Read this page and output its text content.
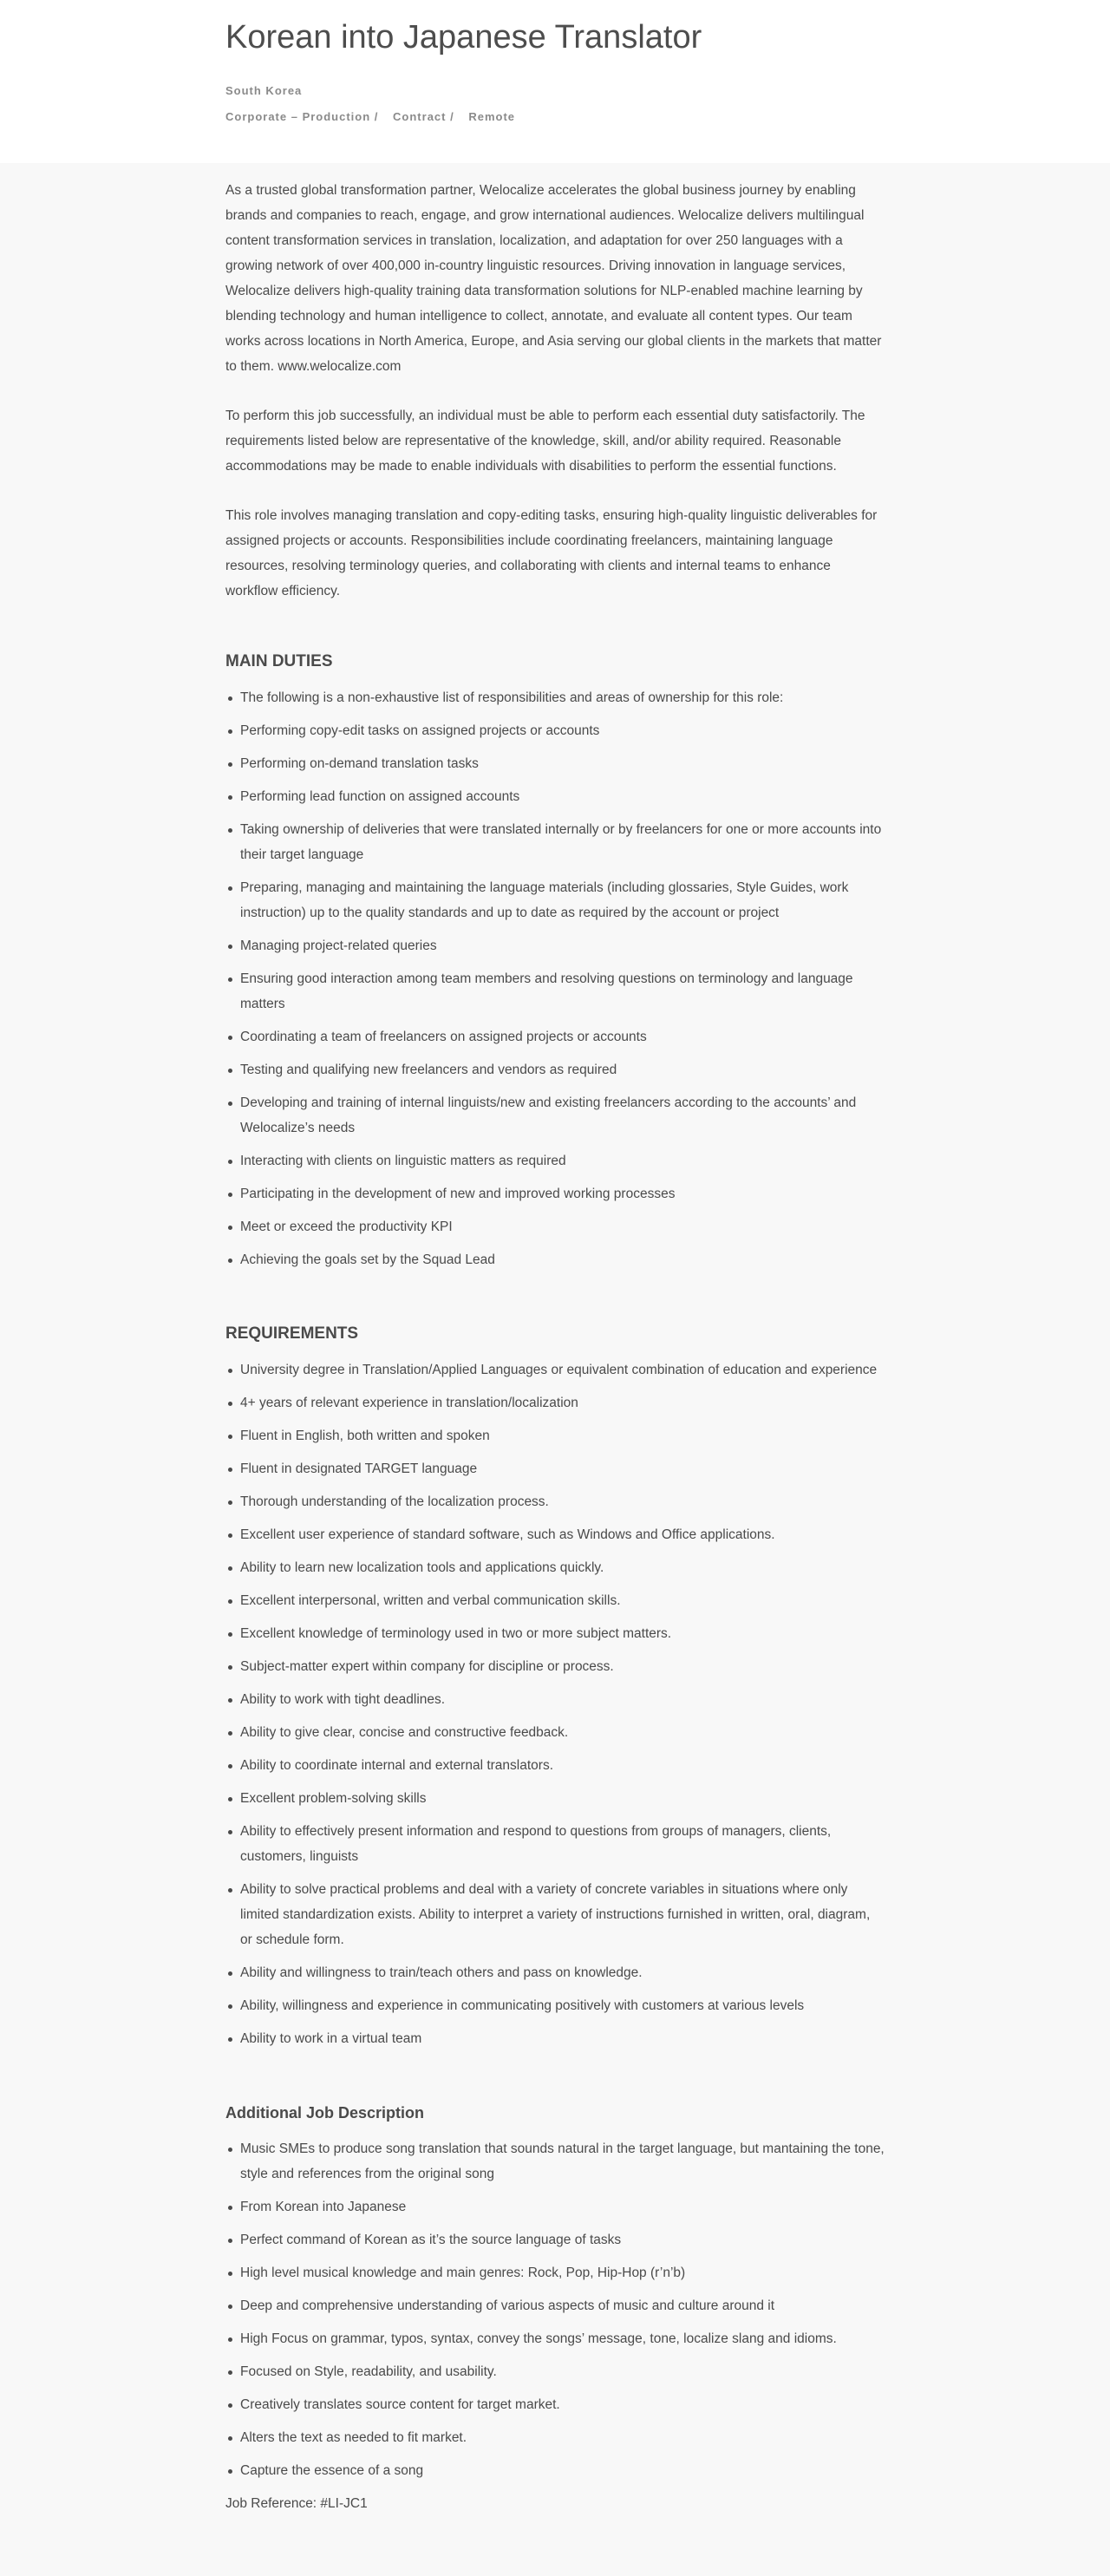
Korean into Japanese Translator
South Korea
Corporate – Production / Contract / Remote

As a trusted global transformation partner, Welocalize accelerates the global business journey by enabling brands and companies to reach, engage, and grow international audiences. Welocalize delivers multilingual content transformation services in translation, localization, and adaptation for over 250 languages with a growing network of over 400,000 in-country linguistic resources. Driving innovation in language services, Welocalize delivers high-quality training data transformation solutions for NLP-enabled machine learning by blending technology and human intelligence to collect, annotate, and evaluate all content types. Our team works across locations in North America, Europe, and Asia serving our global clients in the markets that matter to them. www.welocalize.com

To perform this job successfully, an individual must be able to perform each essential duty satisfactorily. The requirements listed below are representative of the knowledge, skill, and/or ability required. Reasonable accommodations may be made to enable individuals with disabilities to perform the essential functions.

This role involves managing translation and copy-editing tasks, ensuring high-quality linguistic deliverables for assigned projects or accounts. Responsibilities include coordinating freelancers, maintaining language resources, resolving terminology queries, and collaborating with clients and internal teams to enhance workflow efficiency.

MAIN DUTIES
The following is a non-exhaustive list of responsibilities and areas of ownership for this role:
Performing copy-edit tasks on assigned projects or accounts
Performing on-demand translation tasks
Performing lead function on assigned accounts
Taking ownership of deliveries that were translated internally or by freelancers for one or more accounts into their target language
Preparing, managing and maintaining the language materials (including glossaries, Style Guides, work instruction) up to the quality standards and up to date as required by the account or project
Managing project-related queries
Ensuring good interaction among team members and resolving questions on terminology and language matters
Coordinating a team of freelancers on assigned projects or accounts
Testing and qualifying new freelancers and vendors as required
Developing and training of internal linguists/new and existing freelancers according to the accounts’ and Welocalize’s needs
Interacting with clients on linguistic matters as required
Participating in the development of new and improved working processes
Meet or exceed the productivity KPI
Achieving the goals set by the Squad Lead
REQUIREMENTS
University degree in Translation/Applied Languages or equivalent combination of education and experience
4+ years of relevant experience in translation/localization
Fluent in English, both written and spoken
Fluent in designated TARGET language
Thorough understanding of the localization process.
Excellent user experience of standard software, such as Windows and Office applications.
Ability to learn new localization tools and applications quickly.
Excellent interpersonal, written and verbal communication skills.
Excellent knowledge of terminology used in two or more subject matters.
Subject-matter expert within company for discipline or process.
Ability to work with tight deadlines.
Ability to give clear, concise and constructive feedback.
Ability to coordinate internal and external translators.
Excellent problem-solving skills
Ability to effectively present information and respond to questions from groups of managers, clients, customers, linguists
Ability to solve practical problems and deal with a variety of concrete variables in situations where only limited standardization exists. Ability to interpret a variety of instructions furnished in written, oral, diagram, or schedule form.
Ability and willingness to train/teach others and pass on knowledge.
Ability, willingness and experience in communicating positively with customers at various levels
Ability to work in a virtual team
Additional Job Description
Music SMEs to produce song translation that sounds natural in the target language, but mantaining the tone, style and references from the original song
From Korean into Japanese
Perfect command of Korean as it’s the source language of tasks
High level musical knowledge and main genres: Rock, Pop, Hip-Hop (r’n’b)
Deep and comprehensive understanding of various aspects of music and culture around it
High Focus on grammar, typos, syntax, convey the songs’ message, tone, localize slang and idioms.
Focused on Style, readability, and usability.
Creatively translates source content for target market.
Alters the text as needed to fit market.
Capture the essence of a song
Job Reference: #LI-JC1
